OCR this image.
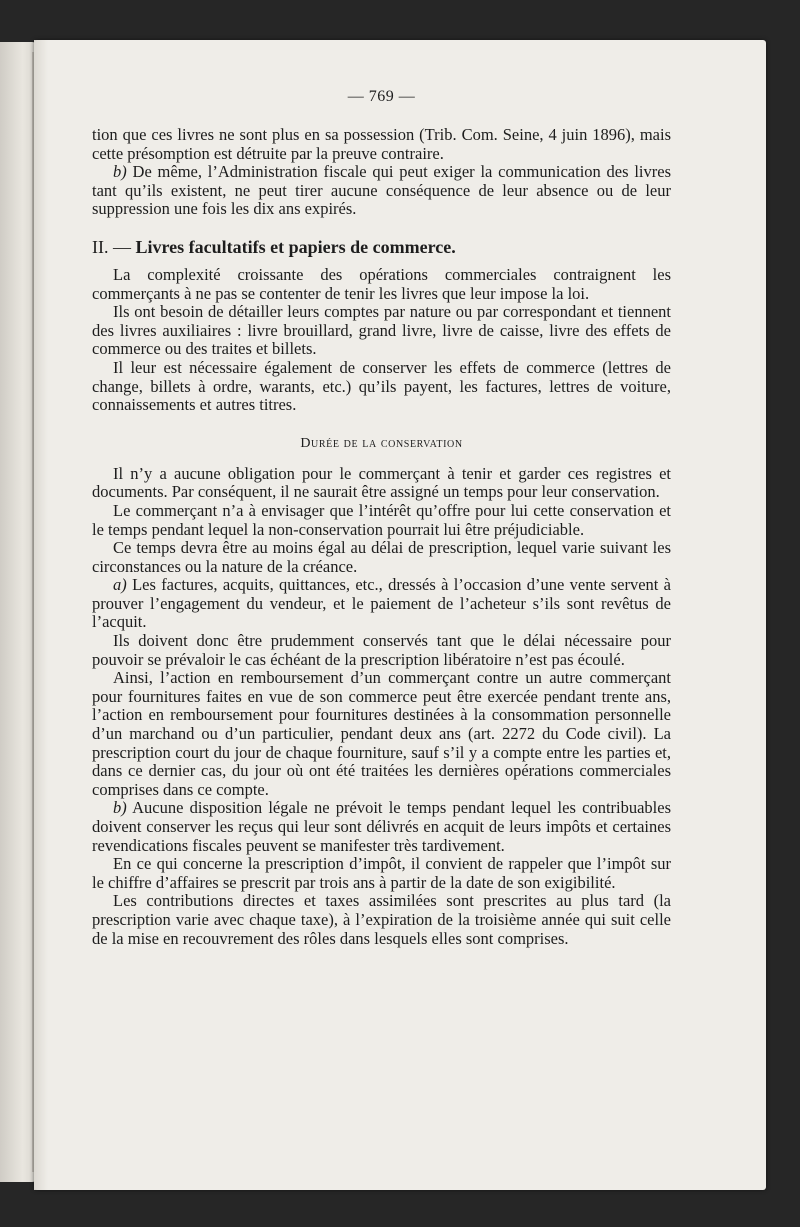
— 769 —

tion que ces livres ne sont plus en sa possession (Trib. Com. Seine, 4 juin 1896), mais cette présomption est détruite par la preuve contraire.

b) De même, l’Administration fiscale qui peut exiger la communication des livres tant qu’ils existent, ne peut tirer aucune conséquence de leur absence ou de leur suppression une fois les dix ans expirés.

II. — Livres facultatifs et papiers de commerce.

La complexité croissante des opérations commerciales contraignent les commerçants à ne pas se contenter de tenir les livres que leur impose la loi.

Ils ont besoin de détailler leurs comptes par nature ou par correspondant et tiennent des livres auxiliaires : livre brouillard, grand livre, livre de caisse, livre des effets de commerce ou des traites et billets.

Il leur est nécessaire également de conserver les effets de commerce (lettres de change, billets à ordre, warants, etc.) qu’ils payent, les factures, lettres de voiture, connaissements et autres titres.

Durée de la conservation

Il n’y a aucune obligation pour le commerçant à tenir et garder ces registres et documents. Par conséquent, il ne saurait être assigné un temps pour leur conservation.

Le commerçant n’a à envisager que l’intérêt qu’offre pour lui cette conservation et le temps pendant lequel la non-conservation pourrait lui être préjudiciable.

Ce temps devra être au moins égal au délai de prescription, lequel varie suivant les circonstances ou la nature de la créance.

a) Les factures, acquits, quittances, etc., dressés à l’occasion d’une vente servent à prouver l’engagement du vendeur, et le paiement de l’acheteur s’ils sont revêtus de l’acquit.

Ils doivent donc être prudemment conservés tant que le délai nécessaire pour pouvoir se prévaloir le cas échéant de la prescription libératoire n’est pas écoulé.

Ainsi, l’action en remboursement d’un commerçant contre un autre commerçant pour fournitures faites en vue de son commerce peut être exercée pendant trente ans, l’action en remboursement pour fournitures destinées à la consommation personnelle d’un marchand ou d’un particulier, pendant deux ans (art. 2272 du Code civil). La prescription court du jour de chaque fourniture, sauf s’il y a compte entre les parties et, dans ce dernier cas, du jour où ont été traitées les dernières opérations commerciales comprises dans ce compte.

b) Aucune disposition légale ne prévoit le temps pendant lequel les contribuables doivent conserver les reçus qui leur sont délivrés en acquit de leurs impôts et certaines revendications fiscales peuvent se manifester très tardivement.

En ce qui concerne la prescription d’impôt, il convient de rappeler que l’impôt sur le chiffre d’affaires se prescrit par trois ans à partir de la date de son exigibilité.

Les contributions directes et taxes assimilées sont prescrites au plus tard (la prescription varie avec chaque taxe), à l’expiration de la troisième année qui suit celle de la mise en recouvrement des rôles dans lesquels elles sont comprises.
